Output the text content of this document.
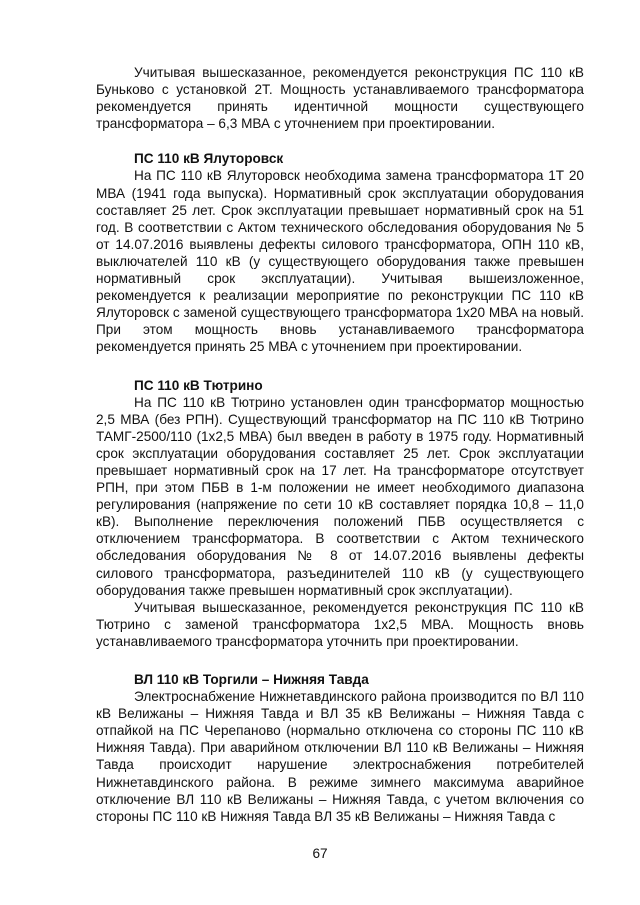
Учитывая вышесказанное, рекомендуется реконструкция ПС 110 кВ Буньково с установкой 2Т. Мощность устанавливаемого трансформатора рекомендуется принять идентичной мощности существующего трансформатора – 6,3 МВА с уточнением при проектировании.

ПС 110 кВ Ялуторовск

На ПС 110 кВ Ялуторовск необходима замена трансформатора 1Т 20 МВА (1941 года выпуска). Нормативный срок эксплуатации оборудования составляет 25 лет. Срок эксплуатации превышает нормативный срок на 51 год. В соответствии с Актом технического обследования оборудования № 5 от 14.07.2016 выявлены дефекты силового трансформатора, ОПН 110 кВ, выключателей 110 кВ (у существующего оборудования также превышен нормативный срок эксплуатации). Учитывая вышеизложенное, рекомендуется к реализации мероприятие по реконструкции ПС 110 кВ Ялуторовск с заменой существующего трансформатора 1х20 МВА на новый. При этом мощность вновь устанавливаемого трансформатора рекомендуется принять 25 МВА с уточнением при проектировании.

ПС 110 кВ Тютрино

На ПС 110 кВ Тютрино установлен один трансформатор мощностью 2,5 МВА (без РПН). Существующий трансформатор на ПС 110 кВ Тютрино ТАМГ-2500/110 (1х2,5 МВА) был введен в работу в 1975 году. Нормативный срок эксплуатации оборудования составляет 25 лет. Срок эксплуатации превышает нормативный срок на 17 лет. На трансформаторе отсутствует РПН, при этом ПБВ в 1-м положении не имеет необходимого диапазона регулирования (напряжение по сети 10 кВ составляет порядка 10,8 – 11,0 кВ). Выполнение переключения положений ПБВ осуществляется с отключением трансформатора. В соответствии с Актом технического обследования оборудования № 8 от 14.07.2016 выявлены дефекты силового трансформатора, разъединителей 110 кВ (у существующего оборудования также превышен нормативный срок эксплуатации).

Учитывая вышесказанное, рекомендуется реконструкция ПС 110 кВ Тютрино с заменой трансформатора 1х2,5 МВА. Мощность вновь устанавливаемого трансформатора уточнить при проектировании.

ВЛ 110 кВ Торгили – Нижняя Тавда

Электроснабжение Нижнетавдинского района производится по ВЛ 110 кВ Велижаны – Нижняя Тавда и ВЛ 35 кВ Велижаны – Нижняя Тавда с отпайкой на ПС Черепаново (нормально отключена со стороны ПС 110 кВ Нижняя Тавда). При аварийном отключении ВЛ 110 кВ Велижаны – Нижняя Тавда происходит нарушение электроснабжения потребителей Нижнетавдинского района. В режиме зимнего максимума аварийное отключение ВЛ 110 кВ Велижаны – Нижняя Тавда, с учетом включения со стороны ПС 110 кВ Нижняя Тавда ВЛ 35 кВ Велижаны – Нижняя Тавда с

67
